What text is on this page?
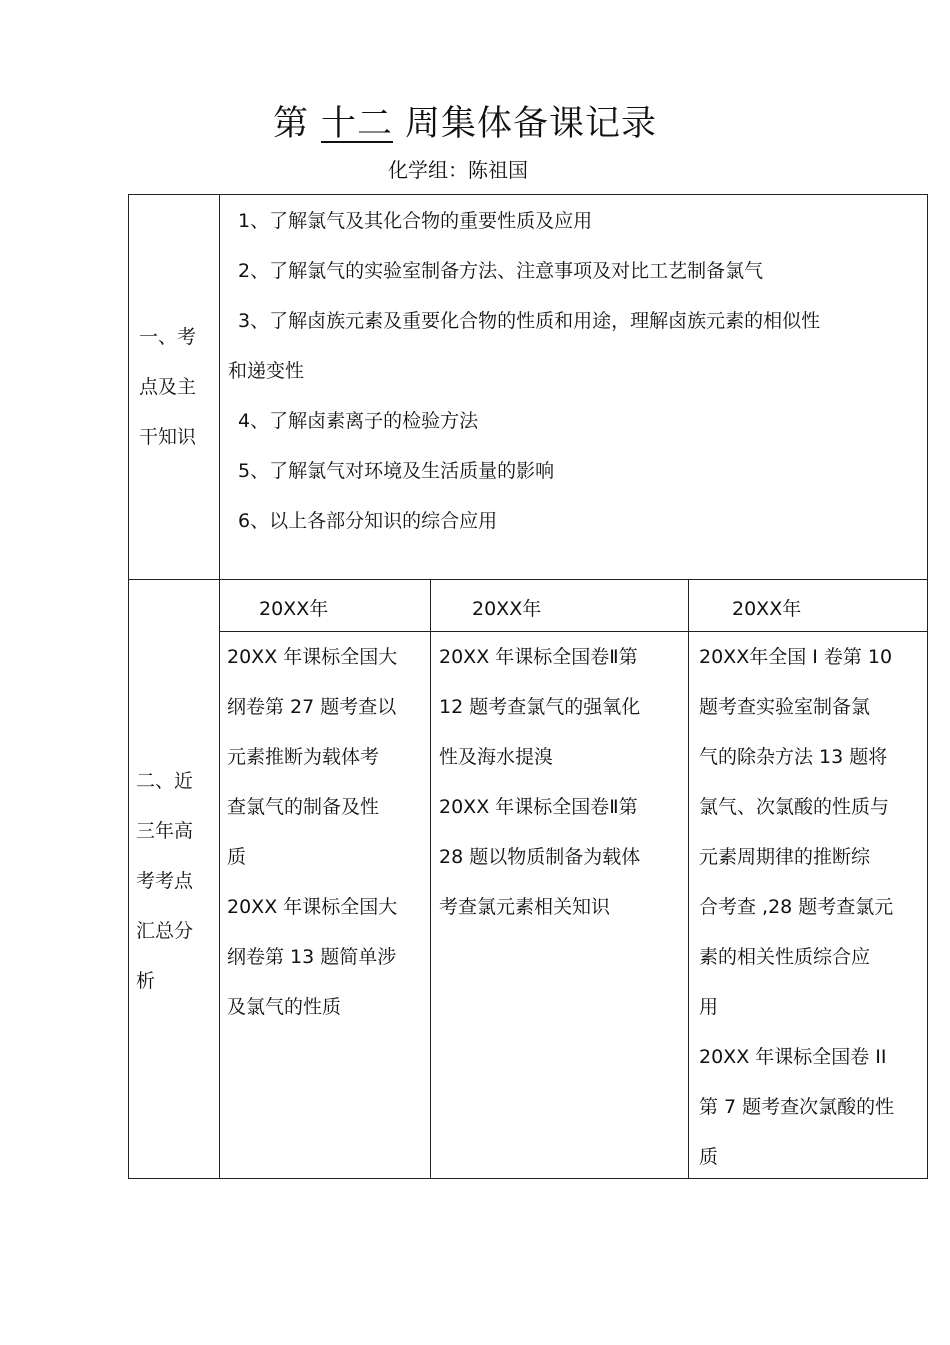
第 十二 周集体备课记录
化学组：陈祖国
一、考
点及主
干知识
1、了解氯气及其化合物的重要性质及应用
2、了解氯气的实验室制备方法、注意事项及对比工艺制备氯气
3、了解卤族元素及重要化合物的性质和用途，理解卤族元素的相似性
和递变性
4、了解卤素离子的检验方法
5、了解氯气对环境及生活质量的影响
6、以上各部分知识的综合应用
二、近
三年高
考考点
汇总分
析
20XX年	20XX年	20XX年
20XX 年课标全国大
纲卷第 27 题考查以
元素推断为载体考
查氯气的制备及性
质
20XX 年课标全国大
纲卷第 13 题简单涉
及氯气的性质
20XX 年课标全国卷Ⅱ第
12 题考查氯气的强氧化
性及海水提溴
20XX 年课标全国卷Ⅱ第
28 题以物质制备为载体
考查氯元素相关知识
20XX年全国 Ⅰ 卷第 10
题考查实验室制备氯
气的除杂方法 13 题将
氯气、次氯酸的性质与
元素周期律的推断综
合考查 ,28 题考查氯元
素的相关性质综合应
用
20XX 年课标全国卷 II
第 7 题考查次氯酸的性
质
